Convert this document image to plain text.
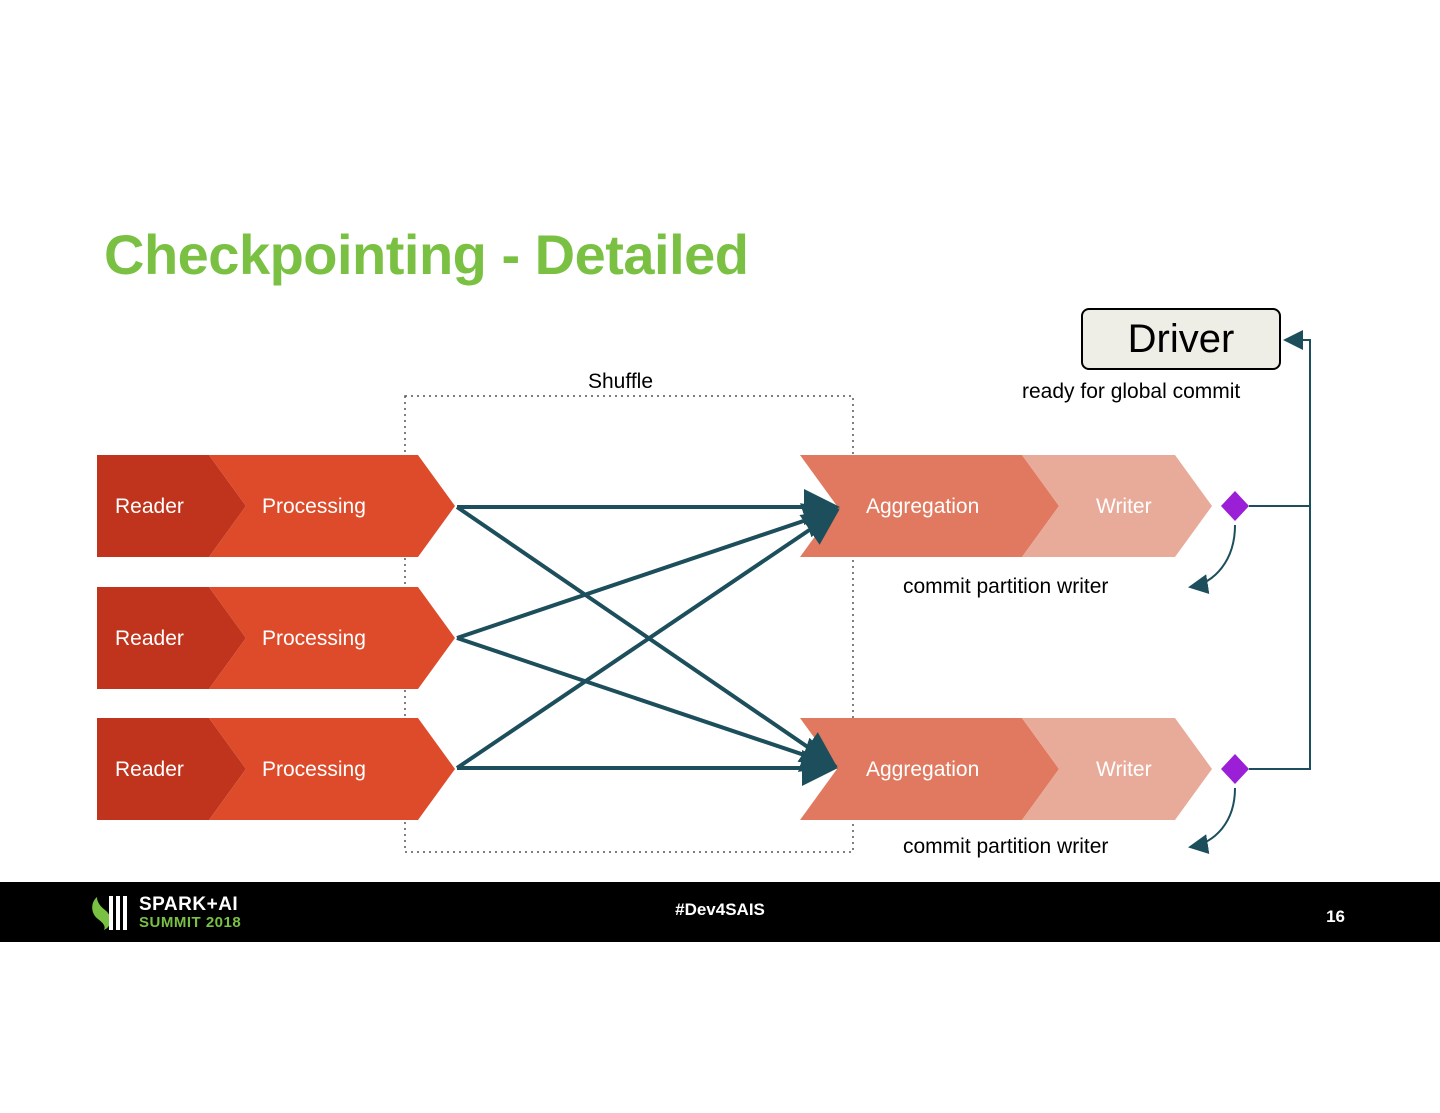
Checkpointing - Detailed
Reader	Processing
Reader	Processing
Reader	Processing
Aggregation	Writer
Aggregation	Writer
Driver
Shuffle	ready for global commit
commit partition writer
commit partition writer
SPARK+AI
SUMMIT 2018
#Dev4SAIS	16
